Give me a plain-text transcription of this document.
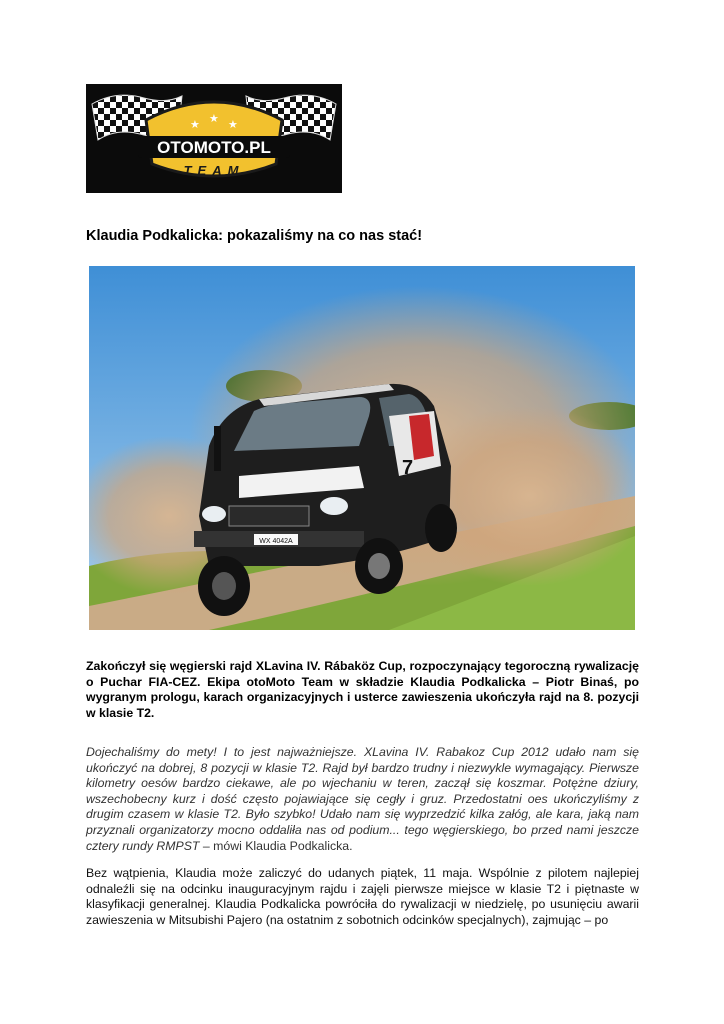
★ ★ ★
OTOMOTO.PL
TEAM
Klaudia Podkalicka: pokazaliśmy na co nas stać!
7
WX 4042A

Zakończył się węgierski rajd XLavina IV. Rábaköz Cup, rozpoczynający tegoroczną rywalizację o Puchar FIA-CEZ. Ekipa otoMoto Team w składzie Klaudia Podkalicka – Piotr Binaś, po wygranym prologu, karach organizacyjnych i usterce zawieszenia ukończyła rajd na 8. pozycji w klasie T2.

Dojechaliśmy do mety! I to jest najważniejsze. XLavina IV. Rabakoz Cup 2012 udało nam się ukończyć na dobrej, 8 pozycji w klasie T2. Rajd był bardzo trudny i niezwykle wymagający. Pierwsze kilometry oesów bardzo ciekawe, ale po wjechaniu w teren, zaczął się koszmar. Potężne dziury, wszechobecny kurz i dość często pojawiające się cegły i gruz. Przedostatni oes ukończyliśmy z drugim czasem w klasie T2. Było szybko! Udało nam się wyprzedzić kilka załóg, ale kara, jaką nam przyznali organizatorzy mocno oddaliła nas od podium... tego węgierskiego, bo przed nami jeszcze cztery rundy RMPST – mówi Klaudia Podkalicka.

Bez wątpienia, Klaudia może zaliczyć do udanych piątek, 11 maja. Wspólnie z pilotem najlepiej odnaleźli się na odcinku inauguracyjnym rajdu i zajęli pierwsze miejsce w klasie T2 i piętnaste w klasyfikacji generalnej. Klaudia Podkalicka powróciła do rywalizacji w niedzielę, po usunięciu awarii zawieszenia w Mitsubishi Pajero (na ostatnim z sobotnich odcinków specjalnych), zajmując – po
